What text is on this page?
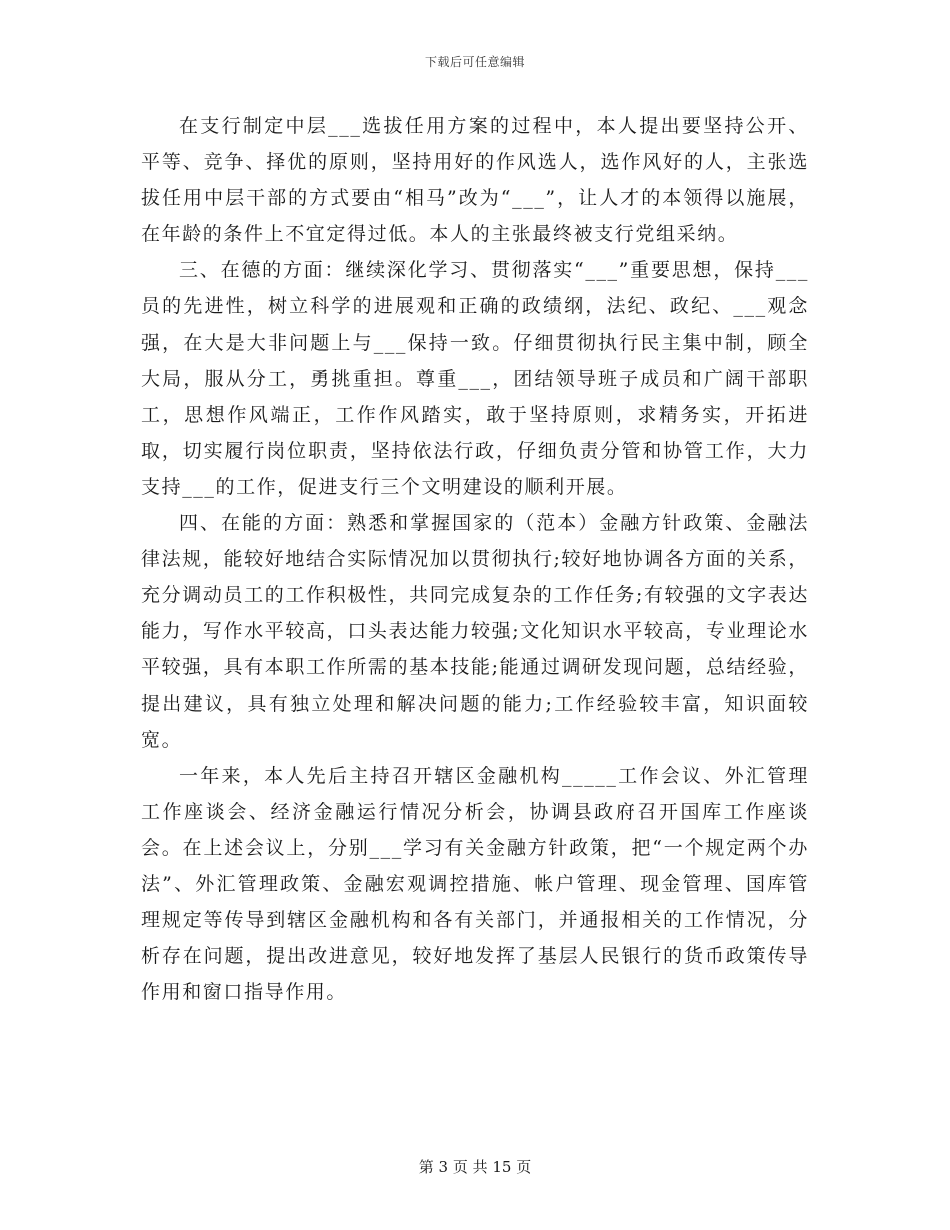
下载后可任意编辑

在支行制定中层___选拔任用方案的过程中，本人提出要坚持公开、平等、竞争、择优的原则，坚持用好的作风选人，选作风好的人，主张选拔任用中层干部的方式要由“相马”改为“___”，让人才的本领得以施展，在年龄的条件上不宜定得过低。本人的主张最终被支行党组采纳。

三、在德的方面：继续深化学习、贯彻落实“___”重要思想，保持___员的先进性，树立科学的进展观和正确的政绩纲，法纪、政纪、___观念强，在大是大非问题上与___保持一致。仔细贯彻执行民主集中制，顾全大局，服从分工，勇挑重担。尊重___，团结领导班子成员和广阔干部职工，思想作风端正，工作作风踏实，敢于坚持原则，求精务实，开拓进取，切实履行岗位职责，坚持依法行政，仔细负责分管和协管工作，大力支持___的工作，促进支行三个文明建设的顺利开展。

四、在能的方面：熟悉和掌握国家的（范本）金融方针政策、金融法律法规，能较好地结合实际情况加以贯彻执行;较好地协调各方面的关系，充分调动员工的工作积极性，共同完成复杂的工作任务;有较强的文字表达能力，写作水平较高，口头表达能力较强;文化知识水平较高，专业理论水平较强，具有本职工作所需的基本技能;能通过调研发现问题，总结经验，提出建议，具有独立处理和解决问题的能力;工作经验较丰富，知识面较宽。

一年来，本人先后主持召开辖区金融机构_____工作会议、外汇管理工作座谈会、经济金融运行情况分析会，协调县政府召开国库工作座谈会。在上述会议上，分别___学习有关金融方针政策，把“一个规定两个办法”、外汇管理政策、金融宏观调控措施、帐户管理、现金管理、国库管理规定等传导到辖区金融机构和各有关部门，并通报相关的工作情况，分析存在问题，提出改进意见，较好地发挥了基层人民银行的货币政策传导作用和窗口指导作用。

第 3 页 共 15 页
